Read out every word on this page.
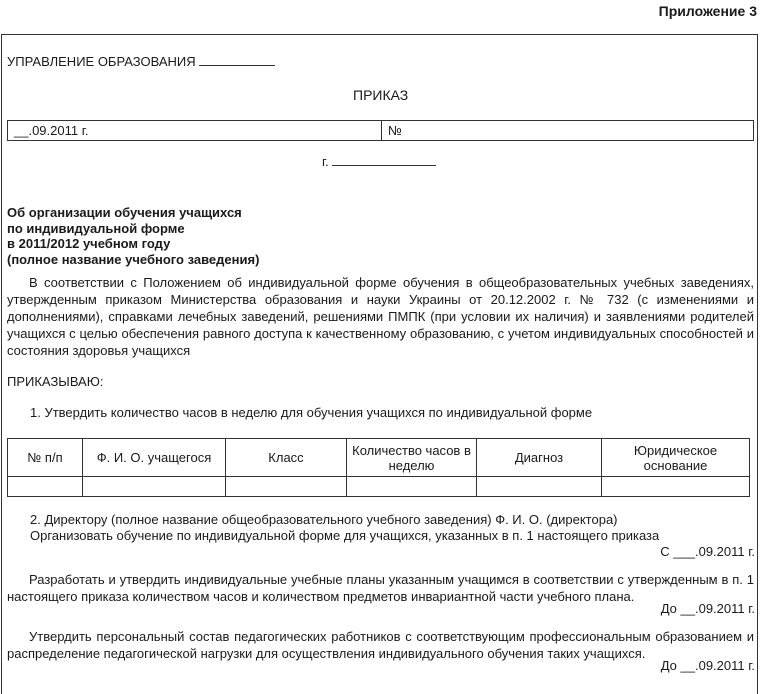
Приложение 3
УПРАВЛЕНИЕ ОБРАЗОВАНИЯ
ПРИКАЗ
__.09.2011 г.	№
г.
Об организации обучения учащихся
по индивидуальной форме
в 2011/2012 учебном году
(полное название учебного заведения)
В соответствии с Положением об индивидуальной форме обучения в общеобразовательных учебных заведениях, утвержденным приказом Министерства образования и науки Украины от 20.12.2002 г. № 732 (с изменениями и дополнениями), справками лечебных заведений, решениями ПМПК (при условии их наличия) и заявлениями родителей учащихся с целью обеспечения равного доступа к качественному образованию, с учетом индивидуальных способностей и состояния здоровья учащихся
ПРИКАЗЫВАЮ:
1. Утвердить количество часов в неделю для обучения учащихся по индивидуальной форме
№ п/п	Ф. И. О. учащегося	Класс	Количество часов в неделю	Диагноз	Юридическое основание

2. Директору (полное название общеобразовательного учебного заведения) Ф. И. О. (директора)
Организовать обучение по индивидуальной форме для учащихся, указанных в п. 1 настоящего приказа
С ___.09.2011 г.
Разработать и утвердить индивидуальные учебные планы указанным учащимся в соответствии с утвержденным в п. 1 настоящего приказа количеством часов и количеством предметов инвариантной части учебного плана.
До __.09.2011 г.
Утвердить персональный состав педагогических работников с соответствующим профессиональным образованием и распределение педагогической нагрузки для осуществления индивидуального обучения таких учащихся.
До __.09.2011 г.
